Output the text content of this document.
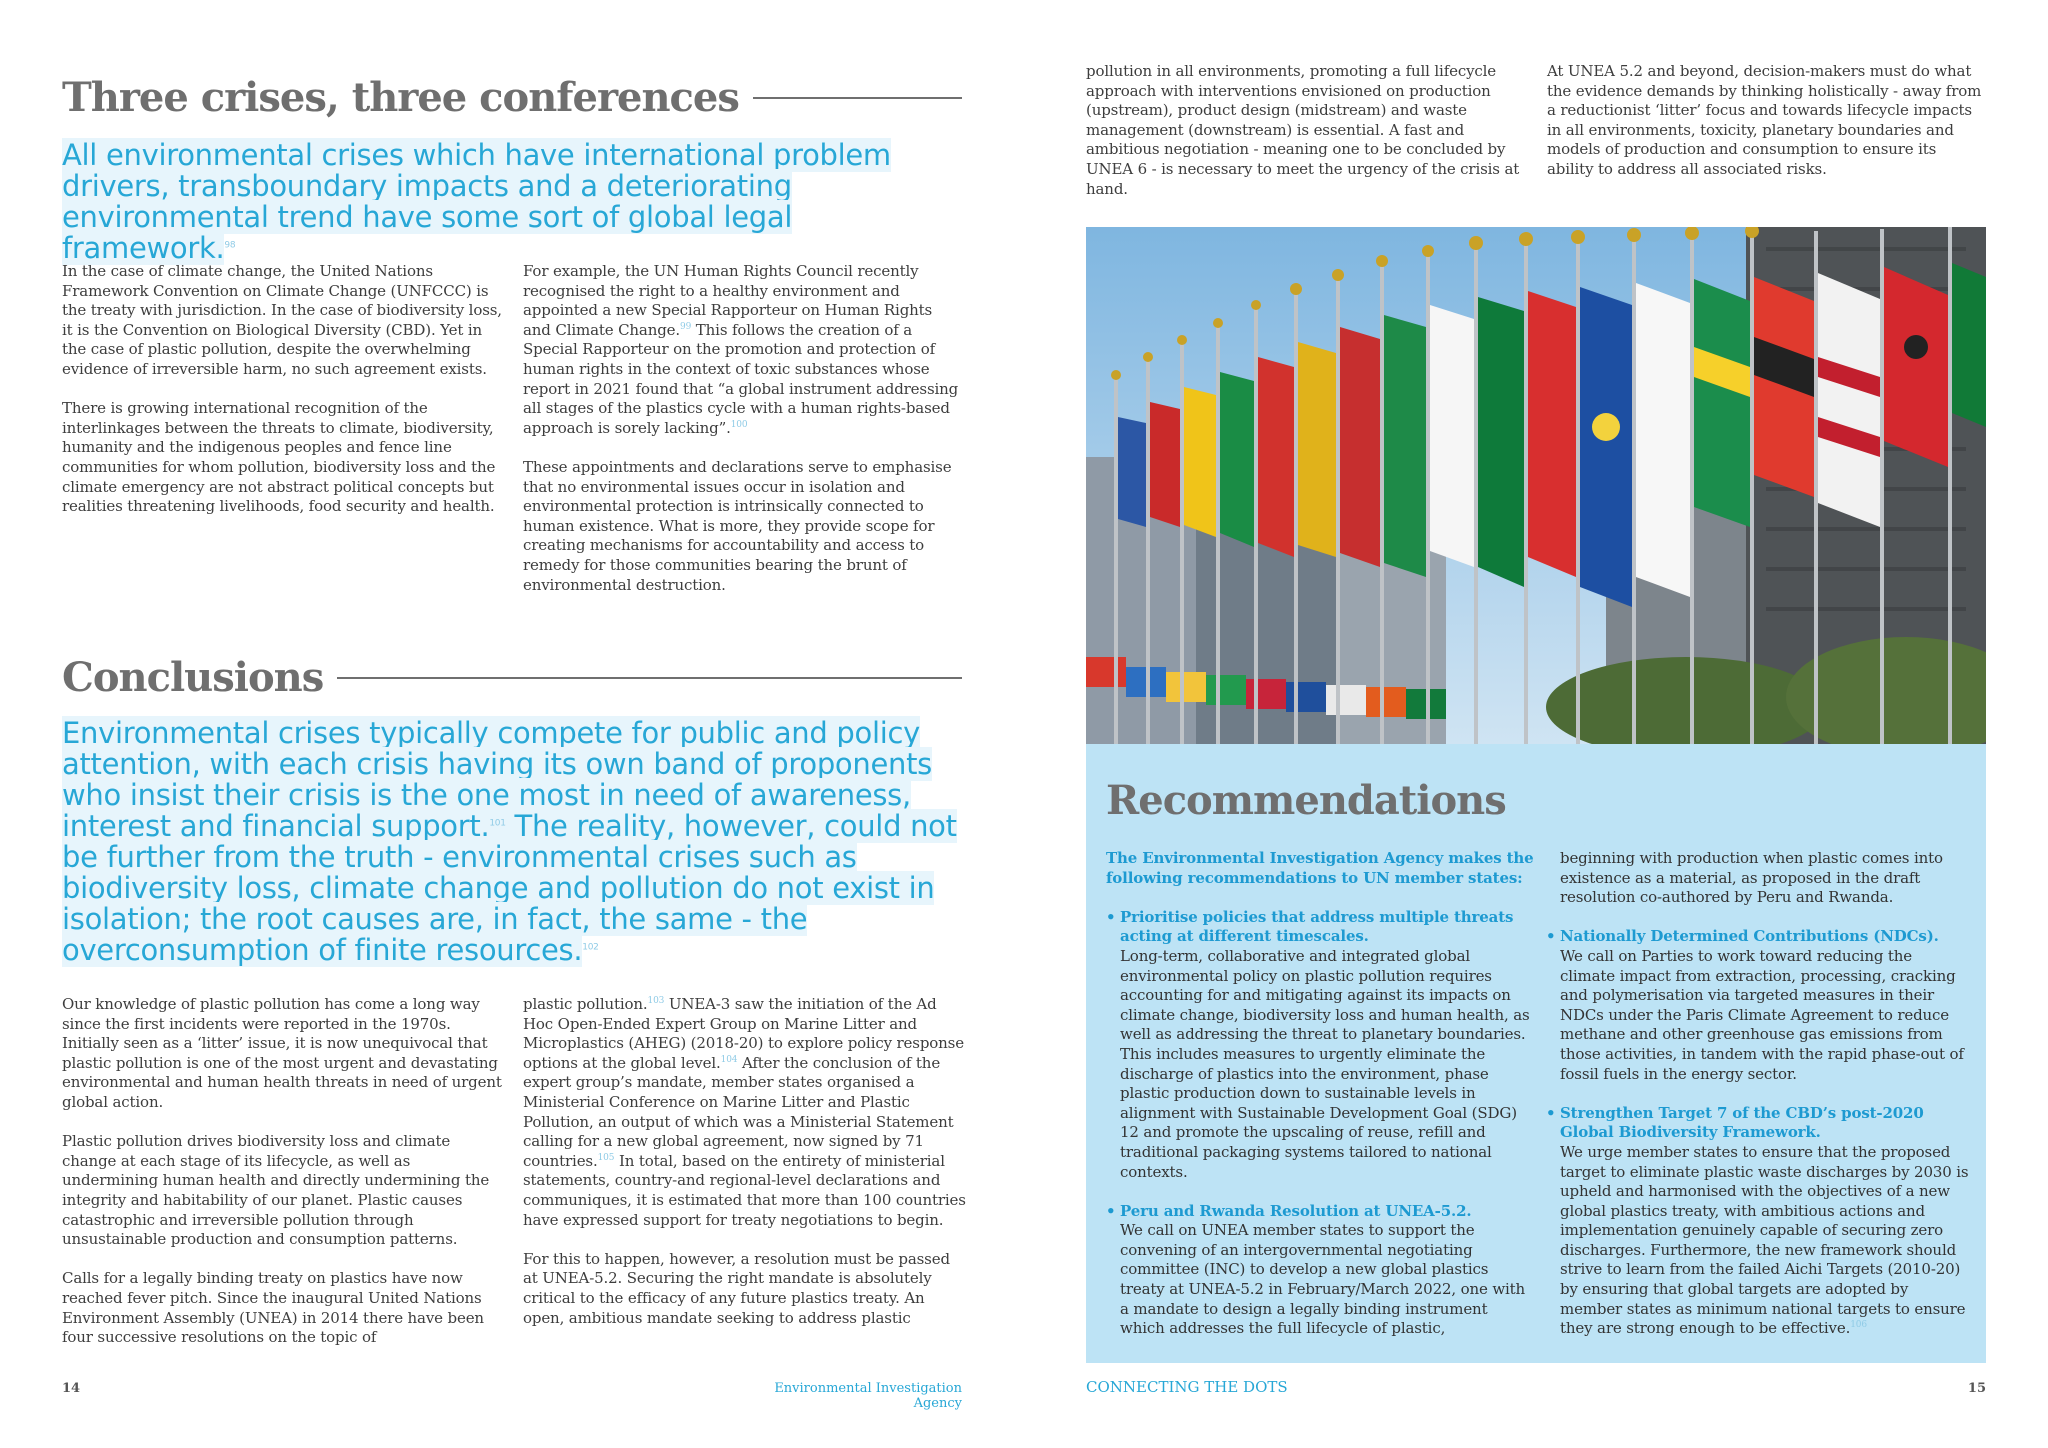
Three crises, three conferences

All environmental crises which have international problem drivers, transboundary impacts and a deteriorating environmental trend have some sort of global legal framework.$^{98}$

In the case of climate change, the United Nations Framework Convention on Climate Change (UNFCCC) is the treaty with jurisdiction. In the case of biodiversity loss, it is the Convention on Biological Diversity (CBD). Yet in the case of plastic pollution, despite the overwhelming evidence of irreversible harm, no such agreement exists.

There is growing international recognition of the interlinkages between the threats to climate, biodiversity, humanity and the indigenous peoples and fence line communities for whom pollution, biodiversity loss and the climate emergency are not abstract political concepts but realities threatening livelihoods, food security and health.

For example, the UN Human Rights Council recently recognised the right to a healthy environment and appointed a new Special Rapporteur on Human Rights and Climate Change.$^{99}$ This follows the creation of a Special Rapporteur on the promotion and protection of human rights in the context of toxic substances whose report in 2021 found that “a global instrument addressing all stages of the plastics cycle with a human rights-based approach is sorely lacking”.$^{100}$

These appointments and declarations serve to emphasise that no environmental issues occur in isolation and environmental protection is intrinsically connected to human existence. What is more, they provide scope for creating mechanisms for accountability and access to remedy for those communities bearing the brunt of environmental destruction.

Conclusions

Environmental crises typically compete for public and policy attention, with each crisis having its own band of proponents who insist their crisis is the one most in need of awareness, interest and financial support.$^{101}$ The reality, however, could not be further from the truth - environmental crises such as biodiversity loss, climate change and pollution do not exist in isolation; the root causes are, in fact, the same - the overconsumption of finite resources.$^{102}$

Our knowledge of plastic pollution has come a long way since the first incidents were reported in the 1970s. Initially seen as a ‘litter’ issue, it is now unequivocal that plastic pollution is one of the most urgent and devastating environmental and human health threats in need of urgent global action.

Plastic pollution drives biodiversity loss and climate change at each stage of its lifecycle, as well as undermining human health and directly undermining the integrity and habitability of our planet. Plastic causes catastrophic and irreversible pollution through unsustainable production and consumption patterns.

Calls for a legally binding treaty on plastics have now reached fever pitch. Since the inaugural United Nations Environment Assembly (UNEA) in 2014 there have been four successive resolutions on the topic of

plastic pollution.$^{103}$ UNEA-3 saw the initiation of the Ad Hoc Open-Ended Expert Group on Marine Litter and Microplastics (AHEG) (2018-20) to explore policy response options at the global level.$^{104}$ After the conclusion of the expert group’s mandate, member states organised a Ministerial Conference on Marine Litter and Plastic Pollution, an output of which was a Ministerial Statement calling for a new global agreement, now signed by 71 countries.$^{105}$ In total, based on the entirety of ministerial statements, country-and regional-level declarations and communiques, it is estimated that more than 100 countries have expressed support for treaty negotiations to begin.

For this to happen, however, a resolution must be passed at UNEA-5.2. Securing the right mandate is absolutely critical to the efficacy of any future plastics treaty. An open, ambitious mandate seeking to address plastic

14	Environmental Investigation Agency

pollution in all environments, promoting a full lifecycle approach with interventions envisioned on production (upstream), product design (midstream) and waste management (downstream) is essential. A fast and ambitious negotiation - meaning one to be concluded by UNEA 6 - is necessary to meet the urgency of the crisis at hand.

At UNEA 5.2 and beyond, decision-makers must do what the evidence demands by thinking holistically - away from a reductionist ‘litter’ focus and towards lifecycle impacts in all environments, toxicity, planetary boundaries and models of production and consumption to ensure its ability to address all associated risks.

Recommendations

The Environmental Investigation Agency makes the following recommendations to UN member states:

• Prioritise policies that address multiple threats acting at different timescales.
Long-term, collaborative and integrated global environmental policy on plastic pollution requires accounting for and mitigating against its impacts on climate change, biodiversity loss and human health, as well as addressing the threat to planetary boundaries. This includes measures to urgently eliminate the discharge of plastics into the environment, phase plastic production down to sustainable levels in alignment with Sustainable Development Goal (SDG) 12 and promote the upscaling of reuse, refill and traditional packaging systems tailored to national contexts.
• Peru and Rwanda Resolution at UNEA-5.2.
We call on UNEA member states to support the convening of an intergovernmental negotiating committee (INC) to develop a new global plastics treaty at UNEA-5.2 in February/March 2022, one with a mandate to design a legally binding instrument which addresses the full lifecycle of plastic,

beginning with production when plastic comes into existence as a material, as proposed in the draft resolution co-authored by Peru and Rwanda.

• Nationally Determined Contributions (NDCs).
We call on Parties to work toward reducing the climate impact from extraction, processing, cracking and polymerisation via targeted measures in their NDCs under the Paris Climate Agreement to reduce methane and other greenhouse gas emissions from those activities, in tandem with the rapid phase-out of fossil fuels in the energy sector.
• Strengthen Target 7 of the CBD’s post-2020 Global Biodiversity Framework.
We urge member states to ensure that the proposed target to eliminate plastic waste discharges by 2030 is upheld and harmonised with the objectives of a new global plastics treaty, with ambitious actions and implementation genuinely capable of securing zero discharges. Furthermore, the new framework should strive to learn from the failed Aichi Targets (2010-20) by ensuring that global targets are adopted by member states as minimum national targets to ensure they are strong enough to be effective.$^{106}$
CONNECTING THE DOTS	15
